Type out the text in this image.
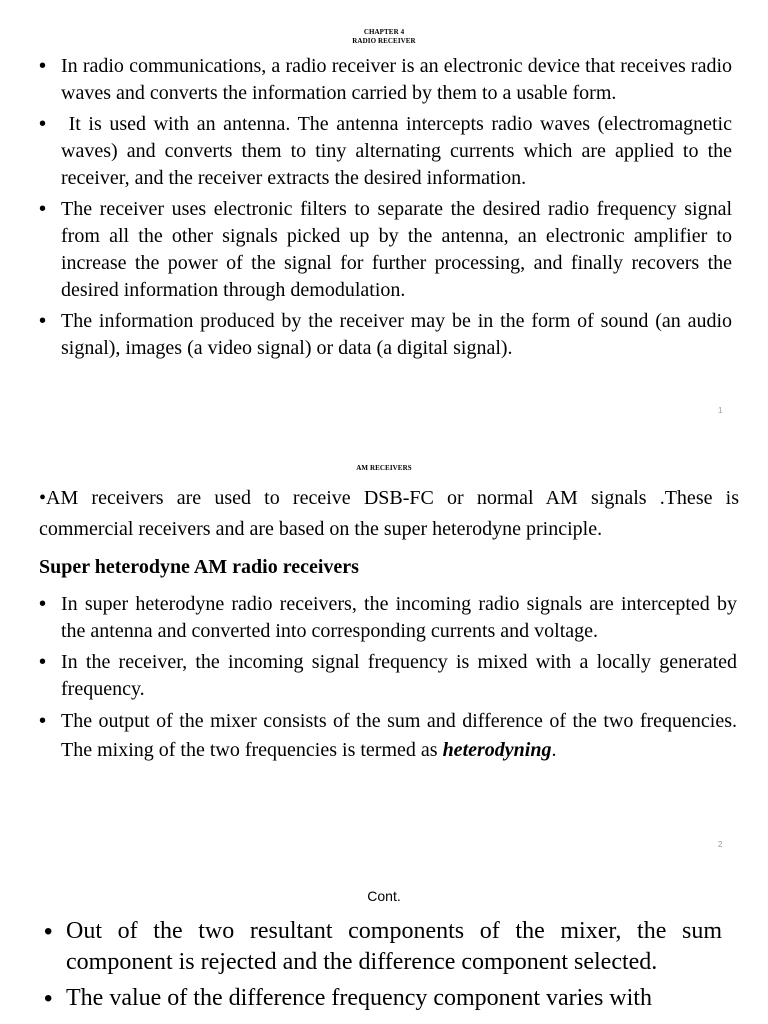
CHAPTER 4
RADIO RECEIVER
• In radio communications, a radio receiver is an electronic device that receives radio waves and converts the information carried by them to a usable form.
•  It is used with an antenna. The antenna intercepts radio waves (electromagnetic waves) and converts them to tiny alternating currents which are applied to the receiver, and the receiver extracts the desired information.
• The receiver uses electronic filters to separate the desired radio frequency signal from all the other signals picked up by the antenna, an electronic amplifier to increase the power of the signal for further processing, and finally recovers the desired information through demodulation.
• The information produced by the receiver may be in the form of sound (an audio signal), images (a video signal) or data (a digital signal).
1
AM RECEIVERS
•AM receivers are used to receive DSB-FC or normal AM signals .These is commercial receivers and are based on the super heterodyne principle.
Super heterodyne AM radio receivers
• In super heterodyne radio receivers, the incoming radio signals are intercepted by the antenna and converted into corresponding currents and voltage.
• In the receiver, the incoming signal frequency is mixed with a locally generated frequency.
• The output of the mixer consists of the sum and difference of the two frequencies. The mixing of the two frequencies is termed as heterodyning.
2
Cont.
• Out of the two resultant components of the mixer, the sum component is rejected and the difference component selected.
• The value of the difference frequency component varies with
